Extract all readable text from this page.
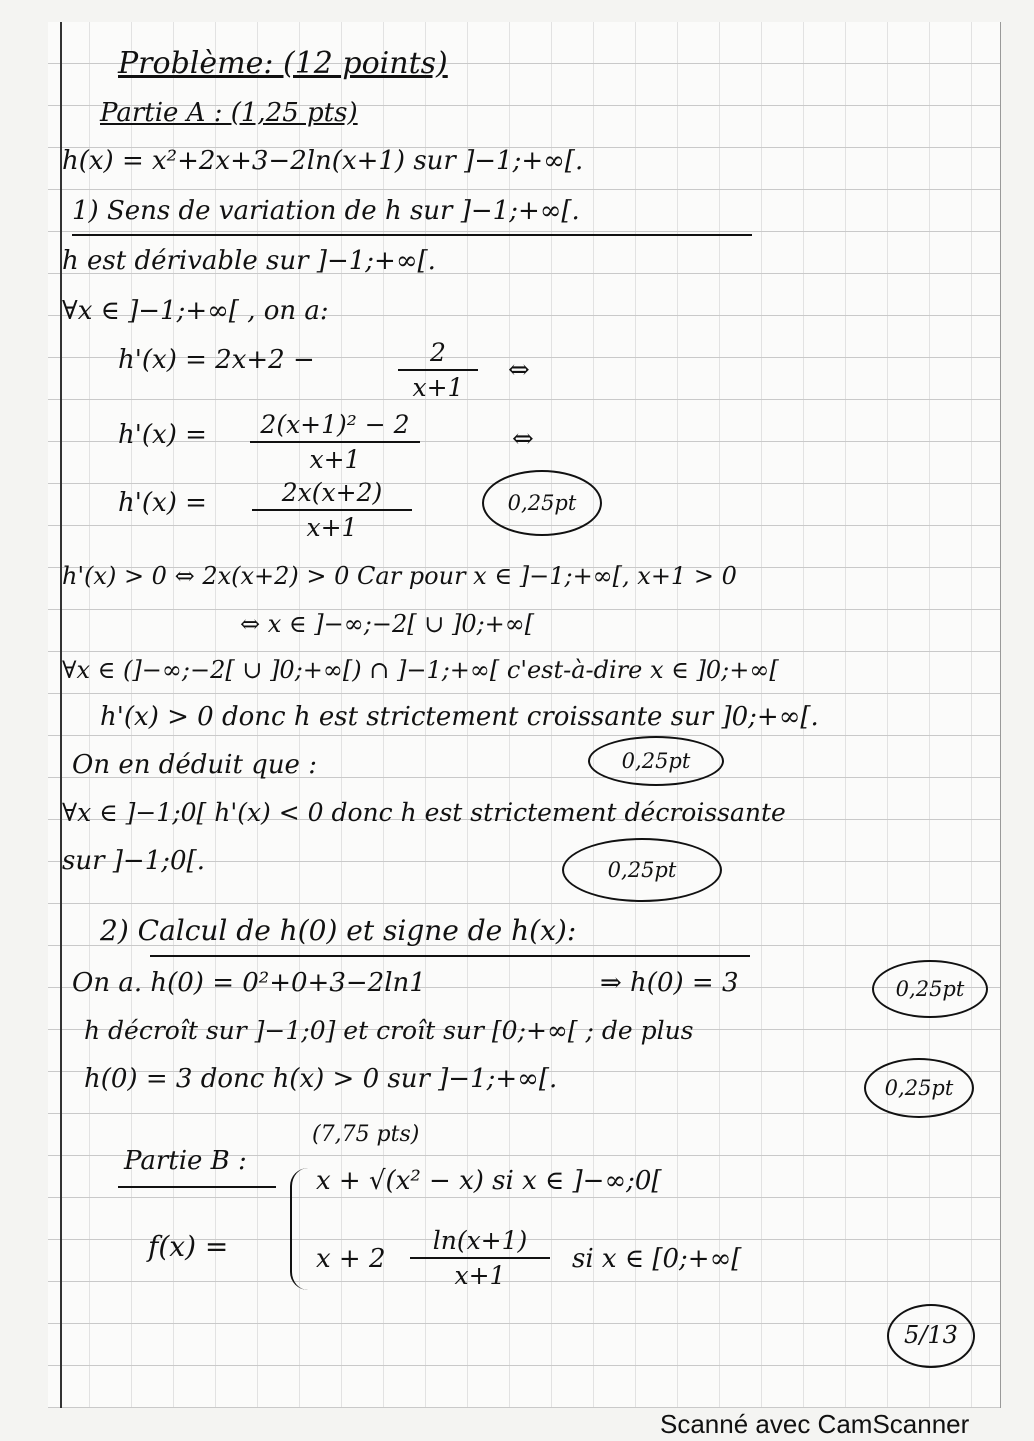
Problème: (12 points)
Partie A : (1,25 pts)
h(x) = x²+2x+3−2ln(x+1) sur ]−1;+∞[.
1) Sens de variation de h sur ]−1;+∞[.
h est dérivable sur ]−1;+∞[.
∀x ∈ ]−1;+∞[ , on a:
h'(x) = 2x+2 −	$\frac{2}{x+1}$ ⇔
$h'(x) = \frac{\text{2(x+1)² − 2}}{x+1}$	⇔
$h'(x) = \frac{2x(x+2)}{x+1}$	0,25pt
h'(x) > 0 ⇔ 2x(x+2) > 0 Car pour x ∈ ]−1;+∞[, x+1 > 0
⇔ x ∈ ]−∞;−2[ ∪ ]0;+∞[
∀x ∈ (]−∞;−2[ ∪ ]0;+∞[) ∩ ]−1;+∞[ c'est-à-dire x ∈ ]0;+∞[
h'(x) > 0 donc h est strictement croissante sur ]0;+∞[.
On en déduit que :	0,25pt
∀x ∈ ]−1;0[ h'(x) < 0 donc h est strictement décroissante
sur ]−1;0[.	0,25pt
2) Calcul de h(0) et signe de h(x):
On a. h(0) = 0²+0+3−2ln1	⇒ h(0) = 3	0,25pt
h décroît sur ]−1;0] et croît sur [0;+∞[ ; de plus
h(0) = 3 donc h(x) > 0 sur ]−1;+∞[.	0,25pt
(7,75 pts)
Partie B :
f(x) =
x + √(x² − x) si x ∈ ]−∞;0[
$x + 2 \frac{\ln(x+1)}{x+1}$ si x ∈ [0;+∞[
5/13
Scanné avec CamScanner
